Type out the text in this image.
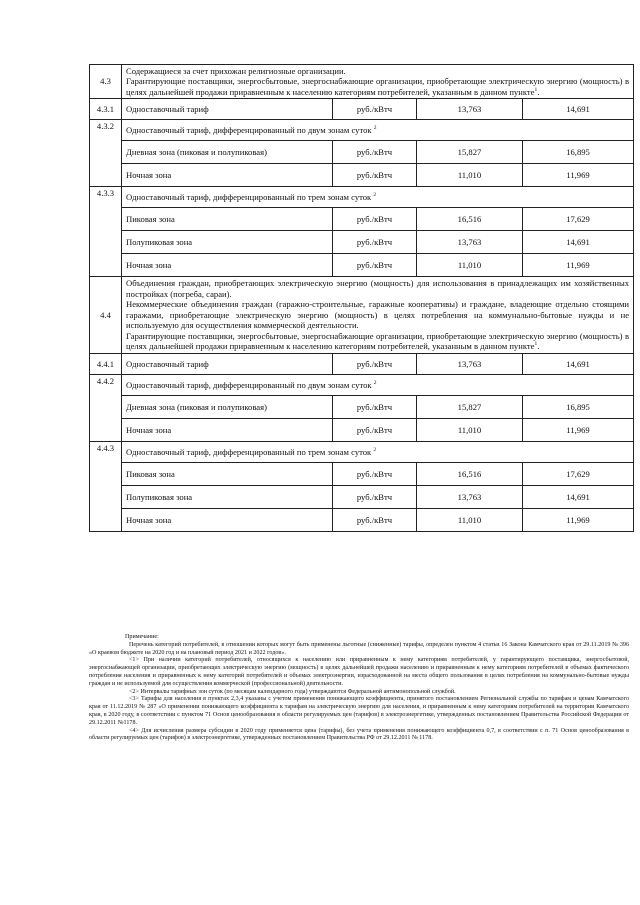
4.3	Содержащиеся за счет прихожан религиозные организации.

Гарантирующие поставщики, энергосбытовые, энергоснабжающие организации, приобретающие электрическую энергию (мощность) в целях дальнейшей продажи приравненным к населению категориям потребителей, указанным в данном пункте$^1$.			

4.3.1	Одноставочный тариф	руб./кВтч	13,763	14,691
4.3.2	Одноставочный тариф, дифференцированный по двум зонам суток $^2$
	Дневная зона (пиковая и полупиковая)	руб./кВтч	15,827	16,895
	Ночная зона	руб./кВтч	11,010	11,969
4.3.3	Одноставочный тариф, дифференцированный по трем зонам суток $^2$
	Пиковая зона	руб./кВтч	16,516	17,629
	Полупиковая зона	руб./кВтч	13,763	14,691
	Ночная зона	руб./кВтч	11,010	11,969
4.4	Объединения граждан, приобретающих электрическую энергию (мощность) для использования в принадлежащих им хозяйственных постройках (погреба, сараи).

Некоммерческие объединения граждан (гаражно-строительные, гаражные кооперативы) и граждане, владеющие отдельно стоящими гаражами, приобретающие электрическую энергию (мощность) в целях потребления на коммунально-бытовые нужды и не используемую для осуществления коммерческой деятельности.

Гарантирующие поставщики, энергосбытовые, энергоснабжающие организации, приобретающие электрическую энергию (мощность) в целях дальнейшей продажи приравненным к населению категориям потребителей, указанным в данном пункте$^1$.			

4.4.1	Одноставочный тариф	руб./кВтч	13,763	14,691
4.4.2	Одноставочный тариф, дифференцированный по двум зонам суток $^2$
	Дневная зона (пиковая и полупиковая)	руб./кВтч	15,827	16,895
	Ночная зона	руб./кВтч	11,010	11,969
4.4.3	Одноставочный тариф, дифференцированный по трем зонам суток $^2$
	Пиковая зона	руб./кВтч	16,516	17,629
	Полупиковая зона	руб./кВтч	13,763	14,691
	Ночная зона	руб./кВтч	11,010	11,969

Примечание:

Перечень категорий потребителей, в отношении которых могут быть применены льготные (сниженные) тарифы, определен пунктом 4 статьи 16 Закона Камчатского края от 29.11.2019 № 396 «О краевом бюджете на 2020 год и на плановый период 2021 и 2022 годов».

<1> При наличии категорий потребителей, относящихся к населению или приравненным к нему категориям потребителей, у гарантирующего поставщика, энергосбытовой, энергоснабжающей организации, приобретающих электрическую энергию (мощность) в целях дальнейшей продажи населению и приравненным к нему категориям потребителей в объемах фактического потребления населения и приравненных к нему категорий потребителей и объемах электроэнергии, израсходованной на места общего пользования в целях потребления на коммунально-бытовые нужды граждан и не используемой для осуществления коммерческой (профессиональной) деятельности.

<2> Интервалы тарифных зон суток (по месяцам календарного года) утверждаются Федеральной антимонопольной службой.

<3> Тарифы для населения в пунктах 2,3,4 указаны с учетом применения понижающего коэффициента, принятого постановлением Региональной службы по тарифам и ценам Камчатского края от 11.12.2019 № 287 «О применении понижающего коэффициента к тарифам на электрическую энергию для населения, и приравненным к нему категориям потребителей на территории Камчатского края, в 2020 году, в соответствии с пунктом 71 Основ ценообразования в области регулируемых цен (тарифов) в электроэнергетике, утвержденных постановлением Правительства Российской Федерации от 29.12.2011 №1178.

<4> Для исчисления размера субсидии в 2020 году применяется цена (тарифы), без учета применения понижающего коэффициента 0,7, в соответствии с п. 71 Основ ценообразования в области регулируемых цен (тарифов) в электроэнергетике, утвержденных постановлением Правительства РФ от 29.12.2011 № 1178.
